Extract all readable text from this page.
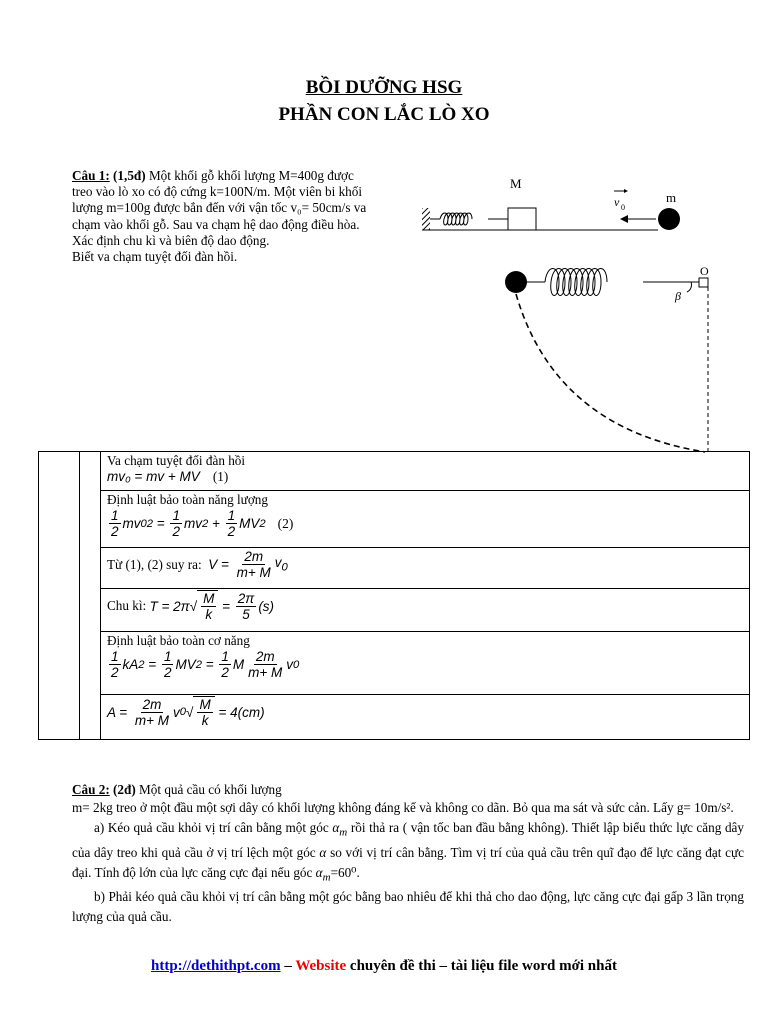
BỒI DƯỠNG HSG
PHẦN CON LẮC LÒ XO
Câu 1: (1,5đ) Một khối gỗ khối lượng M=400g được
treo vào lò xo có độ cứng k=100N/m. Một viên bi khối
lượng m=100g được bắn đến với vận tốc v₀= 50cm/s va
chạm vào khối gỗ. Sau va chạm hệ dao động điều hòa.
Xác định chu kì và biên độ dao động.
Biết va chạm tuyệt đối đàn hồi.
M
v 0
m
O
β

Va chạm tuyệt đối đàn hồi
mv₀ = mv + MV (1)

Định luật bảo toàn năng lượng
$\frac{1}{2}$ mv 0 $2 = \frac{1}{2}$ mv $2 + \frac{1}{2}$ MV 2 (2)

Từ (1), (2) suy ra:
$V = \frac{2m}{m+ M} v_0$

Chu kì:
T = 2π √ $\frac{M}{k} = \frac{2\pi}{5} (s)$

Định luật bảo toàn cơ năng
$\frac{1}{2}$ kA $2 = \frac{1}{2}$ MV $2 = \frac{1}{2}$ M $\frac{2m}{m+ M}$ v 0

$A = \frac{2m}{m+ M}$ v 0 √ $\frac{M}{k}$
= 4(cm)

Câu 2: (2đ) Một quả cầu có khối lượng

m= 2kg treo ở một đầu một sợi dây có khối lượng không đáng kể và không co dãn. Bỏ qua ma sát và sức cản. Lấy g= 10m/s².

a) Kéo quả cầu khỏi vị trí cân bằng một góc $\alpha_m$ rồi thả ra ( vận tốc ban đầu bằng không). Thiết lập biểu thức lực căng dây của dây treo khi quả cầu ở vị trí lệch một góc α so với vị trí cân bằng. Tìm vị trí của quả cầu trên quĩ đạo để lực căng đạt cực đại. Tính độ lớn của lực căng cực đại nếu góc $\alpha_m=60^0$.

b) Phải kéo quả cầu khỏi vị trí cân bằng một góc bằng bao nhiêu để khi thả cho dao động, lực căng cực đại gấp 3 lần trọng lượng của quả cầu.

http://dethithpt.com – Website chuyên đề thi – tài liệu file word mới nhất
